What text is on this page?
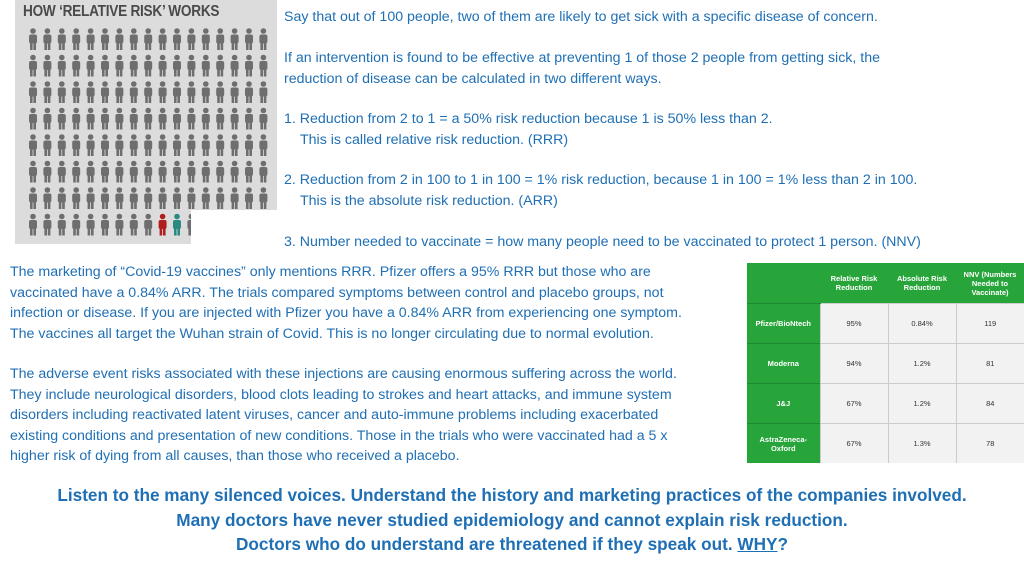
HOW ‘RELATIVE RISK’ WORKS	Say that out of 100 people, two of them are likely to get sick with a specific disease of concern.

If an intervention is found to be effective at preventing 1 of those 2 people from getting sick, the
reduction of disease can be calculated in two different ways.
1. Reduction from 2 to 1 = a 50% risk reduction because 1 is 50% less than 2.
This is called relative risk reduction. (RRR)
2. Reduction from 2 in 100 to 1 in 100 = 1% risk reduction, because 1 in 100 = 1% less than 2 in 100.
This is the absolute risk reduction. (ARR)
3. Number needed to vaccinate = how many people need to be vaccinated to protect 1 person. (NNV)
The marketing of “Covid-19 vaccines” only mentions RRR. Pfizer offers a 95% RRR but those who are
vaccinated have a 0.84% ARR. The trials compared symptoms between control and placebo groups, not
infection or disease. If you are injected with Pfizer you have a 0.84% ARR from experiencing one symptom.
The vaccines all target the Wuhan strain of Covid. This is no longer circulating due to normal evolution.
The adverse event risks associated with these injections are causing enormous suffering across the world.
They include neurological disorders, blood clots leading to strokes and heart attacks, and immune system
disorders including reactivated latent viruses, cancer and auto-immune problems including exacerbated
existing conditions and presentation of new conditions. Those in the trials who were vaccinated had a 5 x
higher risk of dying from all causes, than those who received a placebo.
	Relative Risk Reduction	Absolute Risk Reduction	NNV (Numbers Needed to Vaccinate)

Pfizer/BioNtech	95%	0.84%	119
Moderna	94%	1.2%	81
J&J	67%	1.2%	84
AstraZeneca-Oxford	67%	1.3%	78
Listen to the many silenced voices. Understand the history and marketing practices of the companies involved.
Many doctors have never studied epidemiology and cannot explain risk reduction.
Doctors who do understand are threatened if they speak out. WHY?
